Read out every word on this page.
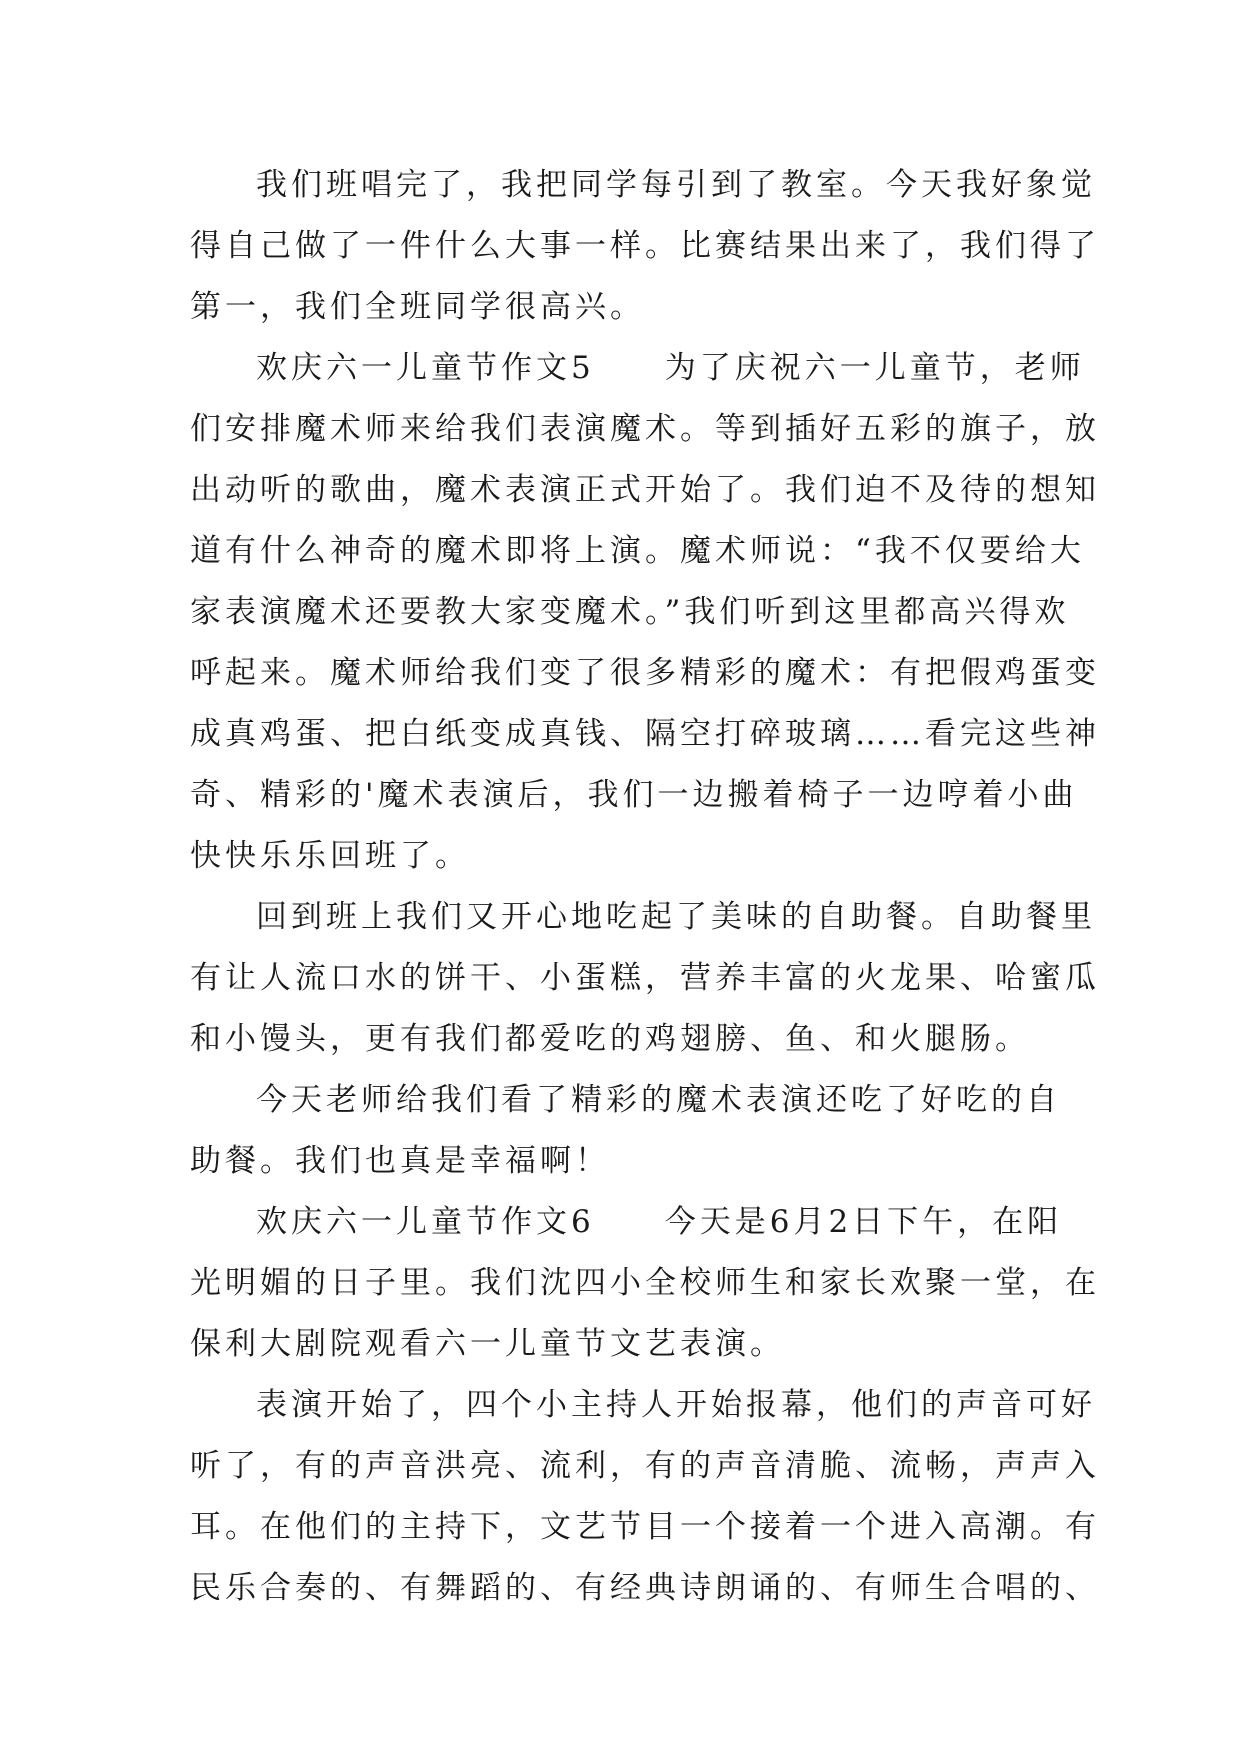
我们班唱完了，我把同学每引到了教室。今天我好象觉
得自己做了一件什么大事一样。比赛结果出来了，我们得了
第一，我们全班同学很高兴。
欢庆六一儿童节作文5　　为了庆祝六一儿童节，老师
们安排魔术师来给我们表演魔术。等到插好五彩的旗子，放
出动听的歌曲，魔术表演正式开始了。我们迫不及待的想知
道有什么神奇的魔术即将上演。魔术师说：“我不仅要给大
家表演魔术还要教大家变魔术。”我们听到这里都高兴得欢
呼起来。魔术师给我们变了很多精彩的魔术：有把假鸡蛋变
成真鸡蛋、把白纸变成真钱、隔空打碎玻璃……看完这些神
奇、精彩的'魔术表演后，我们一边搬着椅子一边哼着小曲
快快乐乐回班了。
回到班上我们又开心地吃起了美味的自助餐。自助餐里
有让人流口水的饼干、小蛋糕，营养丰富的火龙果、哈蜜瓜
和小馒头，更有我们都爱吃的鸡翅膀、鱼、和火腿肠。
今天老师给我们看了精彩的魔术表演还吃了好吃的自
助餐。我们也真是幸福啊！
欢庆六一儿童节作文6　　今天是6月2日下午，在阳
光明媚的日子里。我们沈四小全校师生和家长欢聚一堂，在
保利大剧院观看六一儿童节文艺表演。
表演开始了，四个小主持人开始报幕，他们的声音可好
听了，有的声音洪亮、流利，有的声音清脆、流畅，声声入
耳。在他们的主持下，文艺节目一个接着一个进入高潮。有
民乐合奏的、有舞蹈的、有经典诗朗诵的、有师生合唱的、
